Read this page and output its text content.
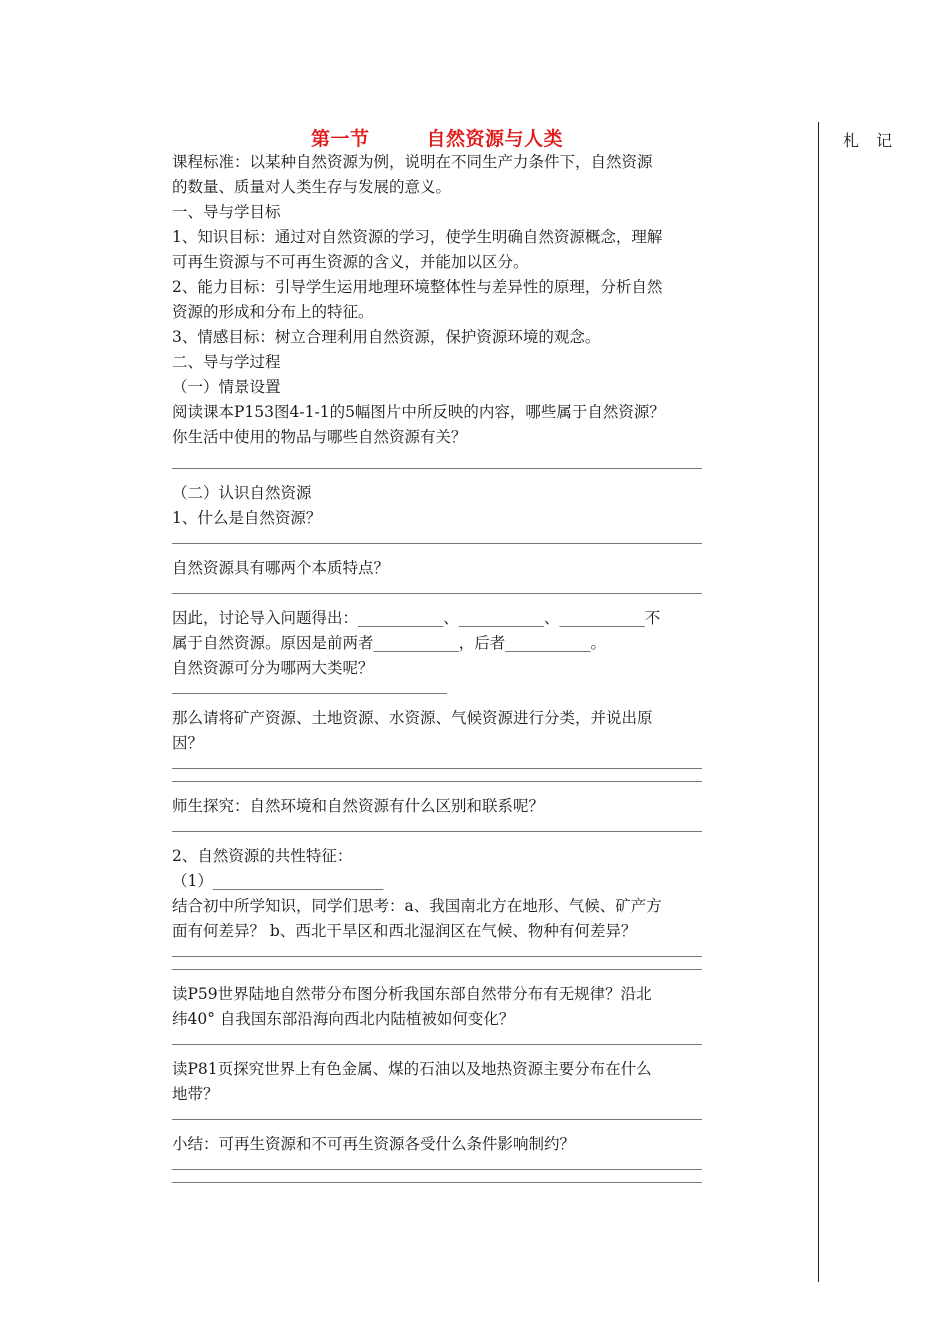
第一节        自然资源与人类	札 记

课程标准：以某种自然资源为例，说明在不同生产力条件下，自然资源

的数量、质量对人类生存与发展的意义。

一、导与学目标

1、知识目标：通过对自然资源的学习，使学生明确自然资源概念，理解

可再生资源与不可再生资源的含义，并能加以区分。

2、能力目标：引导学生运用地理环境整体性与差异性的原理，分析自然

资源的形成和分布上的特征。

3、情感目标：树立合理利用自然资源，保护资源环境的观念。

二、导与学过程

（一）情景设置

阅读课本P153图4-1-1的5幅图片中所反映的内容，哪些属于自然资源？

你生活中使用的物品与哪些自然资源有关？

（二）认识自然资源

1、什么是自然资源？

自然资源具有哪两个本质特点？

因此，讨论导入问题得出：___________、___________、___________不

属于自然资源。原因是前两者___________，后者___________。

自然资源可分为哪两大类呢？

那么请将矿产资源、土地资源、水资源、气候资源进行分类，并说出原

因？

师生探究：自然环境和自然资源有什么区别和联系呢？

2、自然资源的共性特征：

（1）______________________

结合初中所学知识，同学们思考：a、我国南北方在地形、气候、矿产方

面有何差异？ b、西北干旱区和西北湿润区在气候、物种有何差异？

读P59世界陆地自然带分布图分析我国东部自然带分布有无规律？沿北

纬40° 自我国东部沿海向西北内陆植被如何变化？

读P81页探究世界上有色金属、煤的石油以及地热资源主要分布在什么

地带？

小结：可再生资源和不可再生资源各受什么条件影响制约？
